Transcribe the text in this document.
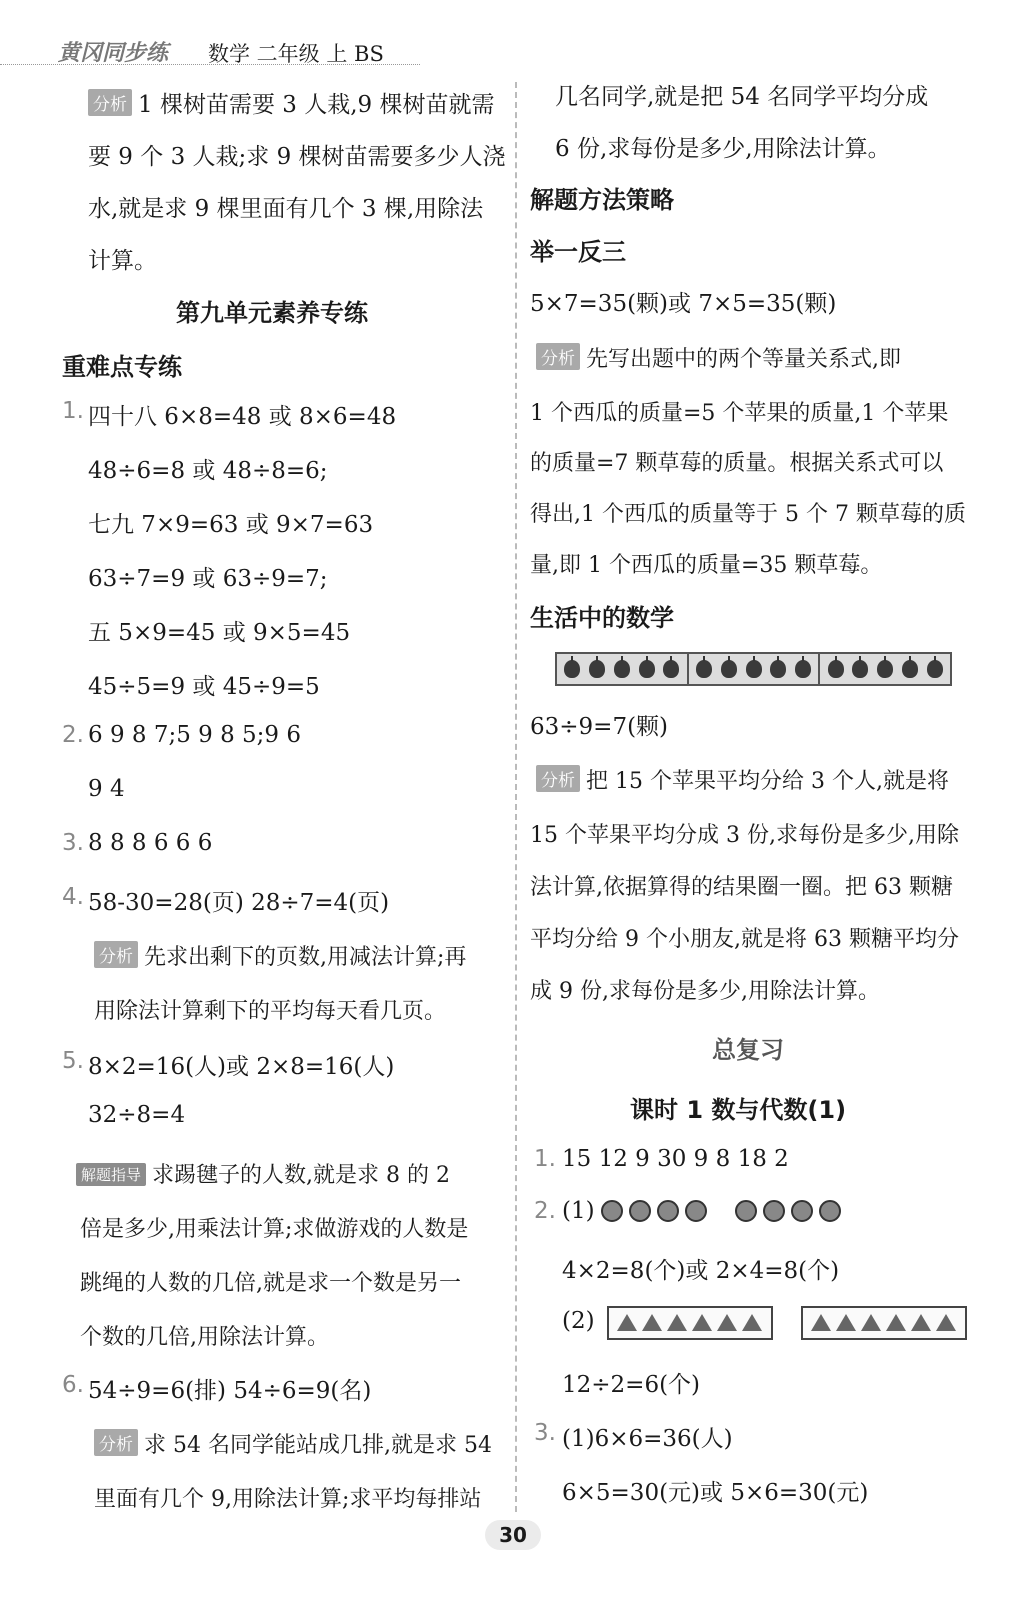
黄冈同步练 数学 二年级 上 BS
分析 1 棵树苗需要 3 人栽,9 棵树苗就需
要 9 个 3 人栽;求 9 棵树苗需要多少人浇
水,就是求 9 棵里面有几个 3 棵,用除法
计算。
第九单元素养专练
重难点专练
1. 四十八 6×8=48 或 8×6=48
48÷6=8 或 48÷8=6;
七九 7×9=63 或 9×7=63
63÷7=9 或 63÷9=7;
五 5×9=45 或 9×5=45
45÷5=9 或 45÷9=5
2. 6 9 8 7;5 9 8 5;9 6
9 4
3. 8 8 8 6 6 6
4. 58-30=28(页) 28÷7=4(页)
分析 先求出剩下的页数,用减法计算;再
用除法计算剩下的平均每天看几页。
5. 8×2=16(人)或 2×8=16(人)
32÷8=4
解题指导 求踢毽子的人数,就是求 8 的 2
倍是多少,用乘法计算;求做游戏的人数是
跳绳的人数的几倍,就是求一个数是另一
个数的几倍,用除法计算。
6. 54÷9=6(排) 54÷6=9(名)
分析 求 54 名同学能站成几排,就是求 54
里面有几个 9,用除法计算;求平均每排站
几名同学,就是把 54 名同学平均分成
6 份,求每份是多少,用除法计算。
解题方法策略
举一反三
5×7=35(颗)或 7×5=35(颗)
分析 先写出题中的两个等量关系式,即
1 个西瓜的质量=5 个苹果的质量,1 个苹果
的质量=7 颗草莓的质量。根据关系式可以
得出,1 个西瓜的质量等于 5 个 7 颗草莓的质
量,即 1 个西瓜的质量=35 颗草莓。
生活中的数学
63÷9=7(颗)
分析 把 15 个苹果平均分给 3 个人,就是将
15 个苹果平均分成 3 份,求每份是多少,用除
法计算,依据算得的结果圈一圈。把 63 颗糖
平均分给 9 个小朋友,就是将 63 颗糖平均分
成 9 份,求每份是多少,用除法计算。
总复习
课时 1 数与代数(1)
1. 15 12 9 30 9 8 18 2
2. (1)
4×2=8(个)或 2×4=8(个)
(2)
12÷2=6(个)
3. (1)6×6=36(人)
6×5=30(元)或 5×6=30(元)
30
